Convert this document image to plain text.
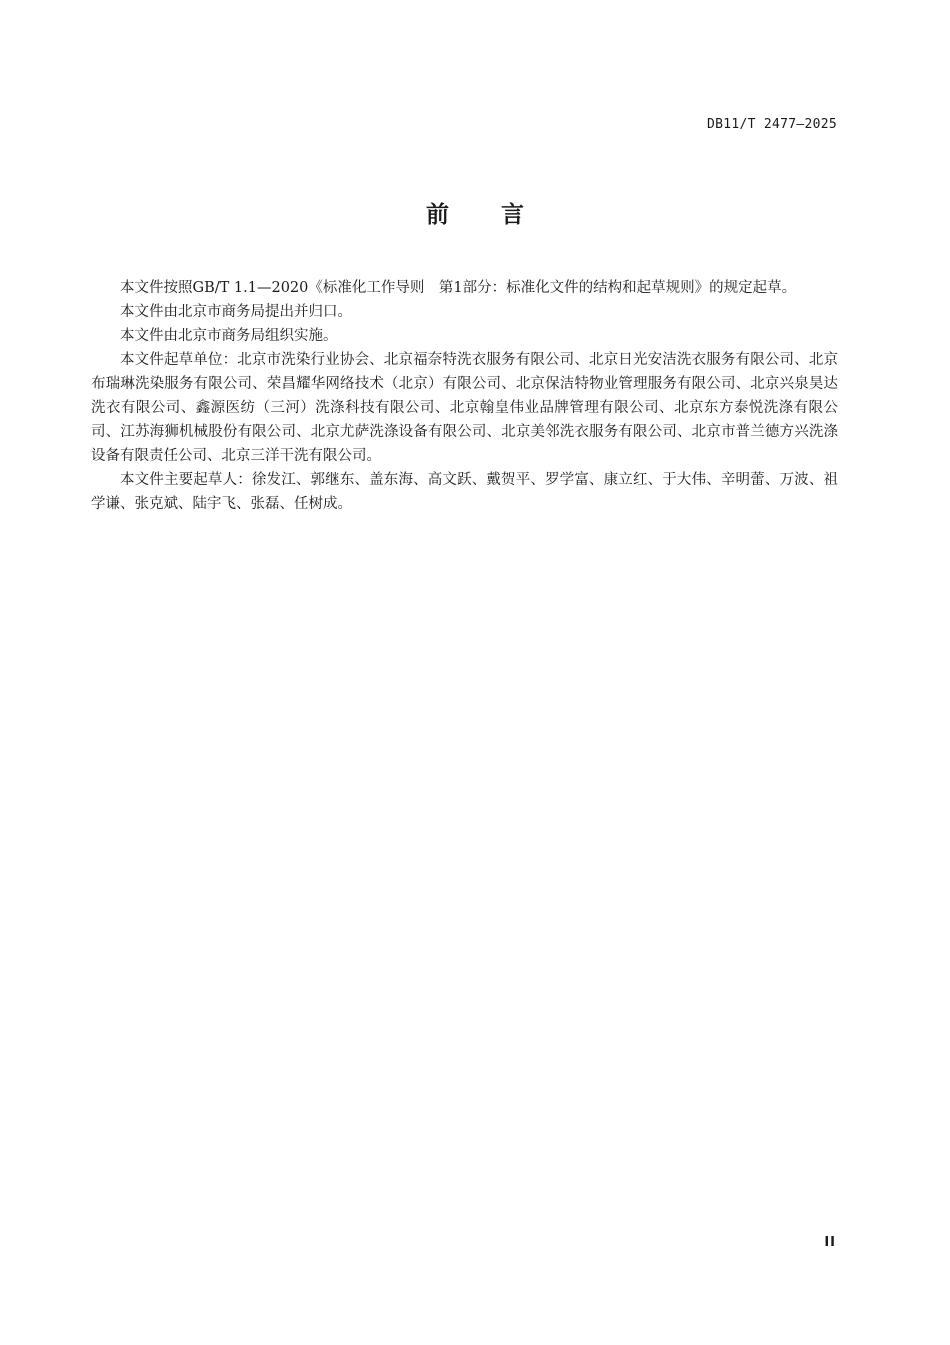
DB11/T 2477—2025
前 言

本文件按照GB/T 1.1—2020《标准化工作导则　第1部分：标准化文件的结构和起草规则》的规定起草。

本文件由北京市商务局提出并归口。

本文件由北京市商务局组织实施。

本文件起草单位：北京市洗染行业协会、北京福奈特洗衣服务有限公司、北京日光安洁洗衣服务有限公司、北京布瑞琳洗染服务有限公司、荣昌耀华网络技术（北京）有限公司、北京保洁特物业管理服务有限公司、北京兴泉昊达洗衣有限公司、鑫源医纺（三河）洗涤科技有限公司、北京翰皇伟业品牌管理有限公司、北京东方泰悦洗涤有限公司、江苏海狮机械股份有限公司、北京尤萨洗涤设备有限公司、北京美邻洗衣服务有限公司、北京市普兰德方兴洗涤设备有限责任公司、北京三洋干洗有限公司。

本文件主要起草人：徐发江、郭继东、盖东海、高文跃、戴贺平、罗学富、康立红、于大伟、辛明蕾、万波、祖学谦、张克斌、陆宇飞、张磊、任树成。

II
